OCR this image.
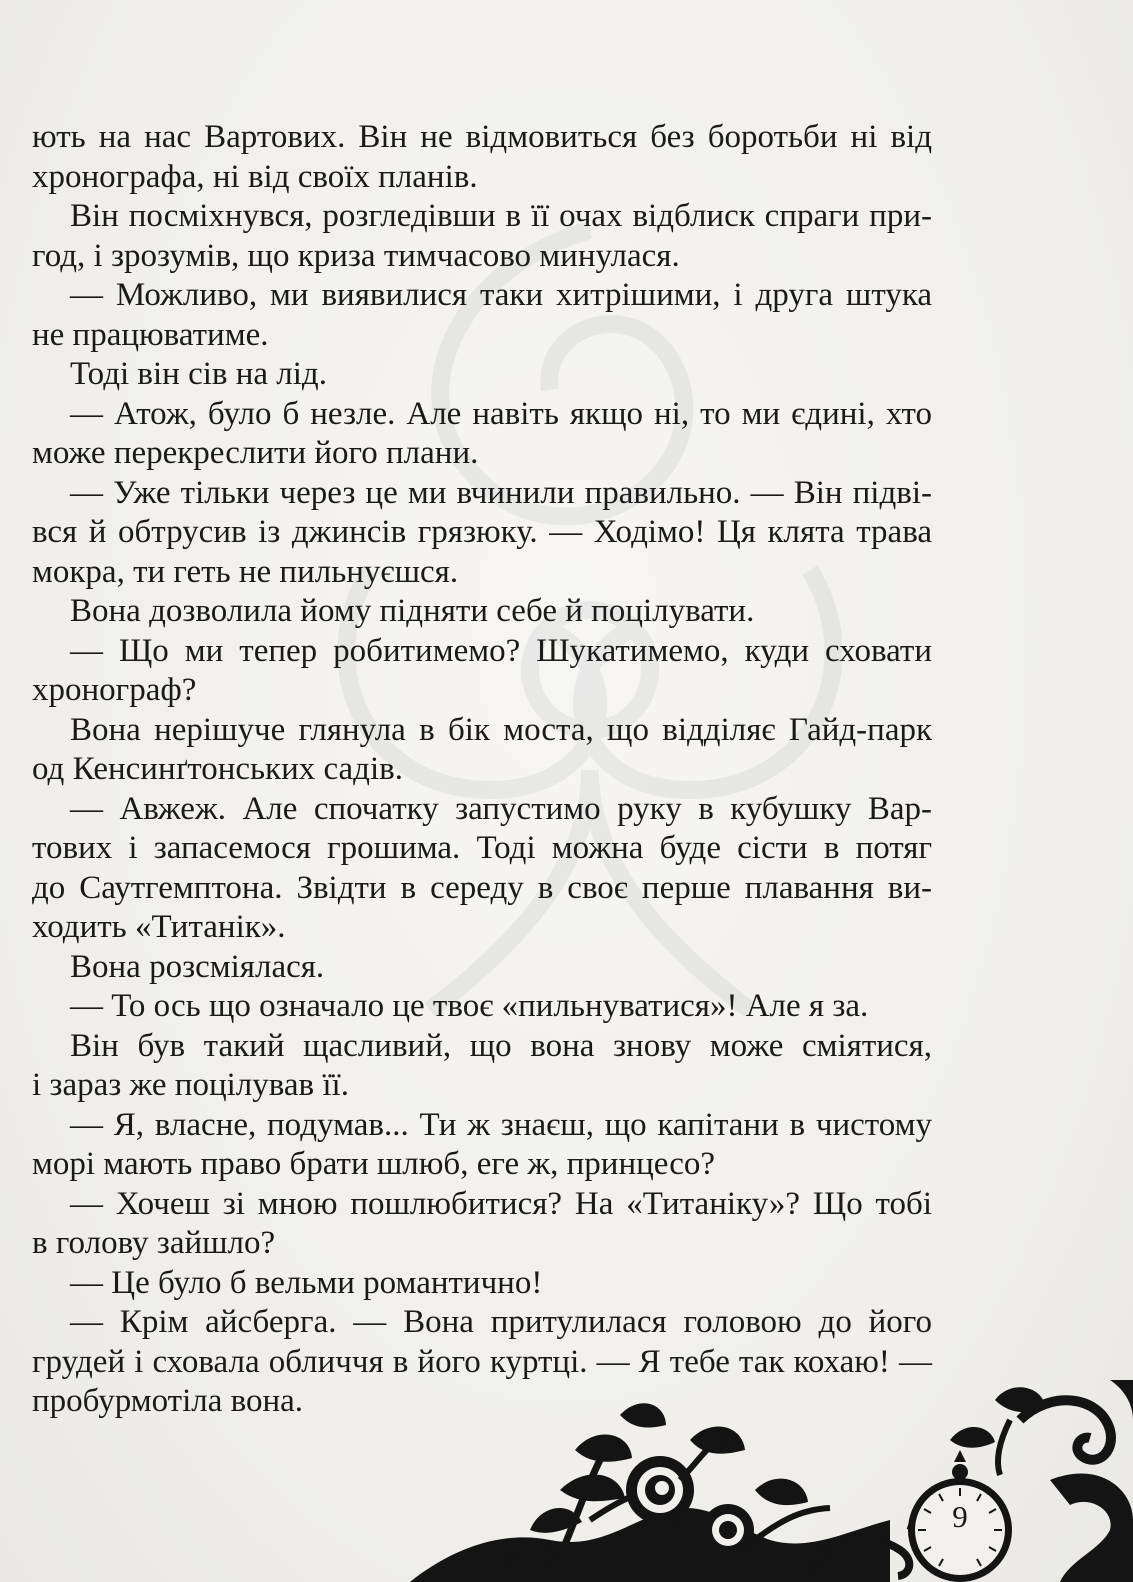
ють на нас Вартових. Він не відмовиться без боротьби ні від
хронографа, ні від своїх планів.
Він посміхнувся, розгледівши в її очах відблиск спраги при-
год, і зрозумів, що криза тимчасово минулася.
— Можливо, ми виявилися таки хитрішими, і друга штука
не працюватиме.
Тоді він сів на лід.
— Атож, було б незле. Але навіть якщо ні, то ми єдині, хто
може перекреслити його плани.
— Уже тільки через це ми вчинили правильно. — Він підві-
вся й обтрусив із джинсів грязюку. — Ходімо! Ця клята трава
мокра, ти геть не пильнуєшся.
Вона дозволила йому підняти себе й поцілувати.
— Що ми тепер робитимемо? Шукатимемо, куди сховати
хронограф?
Вона нерішуче глянула в бік моста, що відділяє Гайд-парк
од Кенсинґтонських садів.
— Авжеж. Але спочатку запустимо руку в кубушку Вар-
тових і запасемося грошима. Тоді можна буде сісти в потяг
до Саутгемптона. Звідти в середу в своє перше плавання ви-
ходить «Титанік».
Вона розсміялася.
— То ось що означало це твоє «пильнуватися»! Але я за.
Він був такий щасливий, що вона знову може сміятися,
і зараз же поцілував її.
— Я, власне, подумав... Ти ж знаєш, що капітани в чистому
морі мають право брати шлюб, еге ж, принцесо?
— Хочеш зі мною пошлюбитися? На «Титаніку»? Що тобі
в голову зайшло?
— Це було б вельми романтично!
— Крім айсберга. — Вона притулилася головою до його
грудей і сховала обличчя в його куртці. — Я тебе так кохаю! —
пробурмотіла вона.
9
